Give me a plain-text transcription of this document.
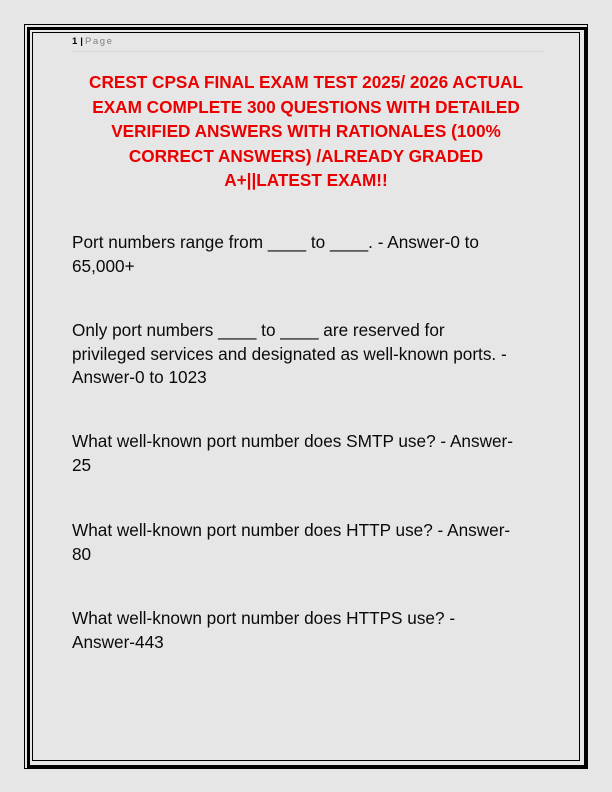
1 | Page
CREST CPSA FINAL EXAM TEST 2025/ 2026 ACTUAL
EXAM COMPLETE 300 QUESTIONS WITH DETAILED
VERIFIED ANSWERS WITH RATIONALES (100%
CORRECT ANSWERS) /ALREADY GRADED
A+||LATEST EXAM!!
Port numbers range from ____ to ____. - Answer-0 to
65,000+
Only port numbers ____ to ____ are reserved for
privileged services and designated as well-known ports. -
Answer-0 to 1023
What well-known port number does SMTP use? - Answer-
25
What well-known port number does HTTP use? - Answer-
80
What well-known port number does HTTPS use? -
Answer-443
